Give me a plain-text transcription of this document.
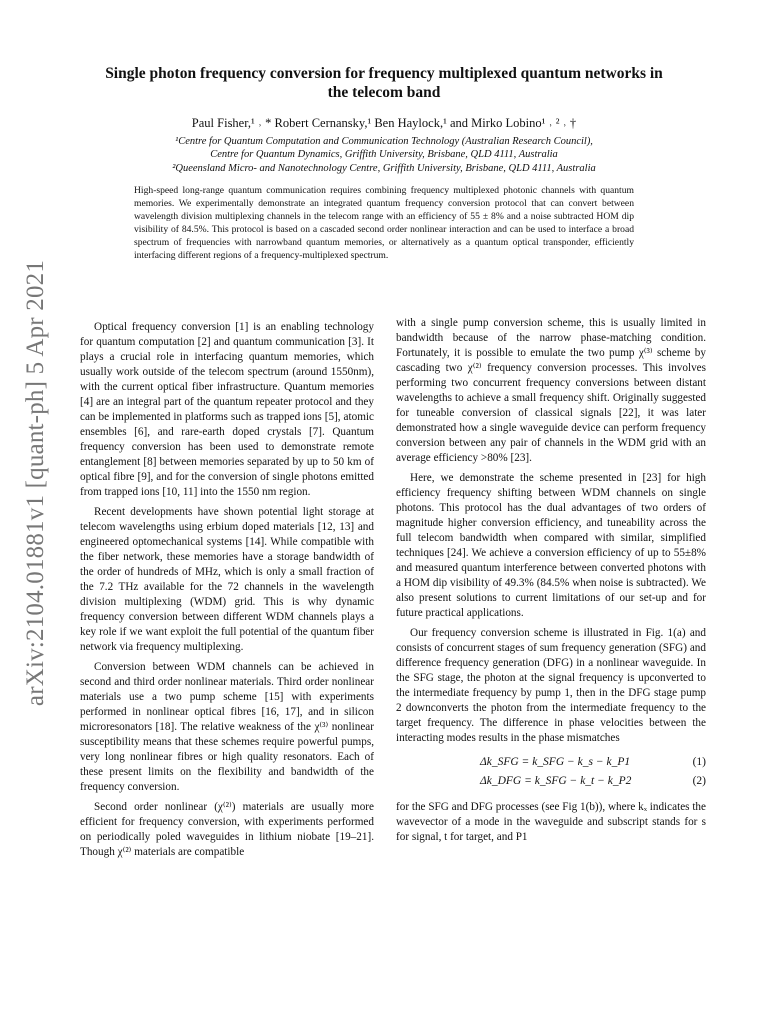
arXiv:2104.01881v1 [quant-ph] 5 Apr 2021
Single photon frequency conversion for frequency multiplexed quantum networks in the telecom band
Paul Fisher,¹ ˒ * Robert Cernansky,¹ Ben Haylock,¹ and Mirko Lobino¹ ˒ ² ˒ †
¹Centre for Quantum Computation and Communication Technology (Australian Research Council),
Centre for Quantum Dynamics, Griffith University, Brisbane, QLD 4111, Australia
²Queensland Micro- and Nanotechnology Centre, Griffith University, Brisbane, QLD 4111, Australia
High-speed long-range quantum communication requires combining frequency multiplexed photonic channels with quantum memories. We experimentally demonstrate an integrated quantum frequency conversion protocol that can convert between wavelength division multiplexing channels in the telecom range with an efficiency of 55 ± 8% and a noise subtracted HOM dip visibility of 84.5%. This protocol is based on a cascaded second order nonlinear interaction and can be used to interface a broad spectrum of frequencies with narrowband quantum memories, or alternatively as a quantum optical transponder, efficiently interfacing different regions of a frequency-multiplexed spectrum.

Optical frequency conversion [1] is an enabling technology for quantum computation [2] and quantum communication [3]. It plays a crucial role in interfacing quantum memories, which usually work outside of the telecom spectrum (around 1550nm), with the current optical fiber infrastructure. Quantum memories [4] are an integral part of the quantum repeater protocol and they can be implemented in platforms such as trapped ions [5], atomic ensembles [6], and rare-earth doped crystals [7]. Quantum frequency conversion has been used to demonstrate remote entanglement [8] between memories separated by up to 50 km of optical fibre [9], and for the conversion of single photons emitted from trapped ions [10, 11] into the 1550 nm region.

Recent developments have shown potential light storage at telecom wavelengths using erbium doped materials [12, 13] and engineered optomechanical systems [14]. While compatible with the fiber network, these memories have a storage bandwidth of the order of hundreds of MHz, which is only a small fraction of the 7.2 THz available for the 72 channels in the wavelength division multiplexing (WDM) grid. This is why dynamic frequency conversion between different WDM channels plays a key role if we want exploit the full potential of the quantum fiber network via frequency multiplexing.

Conversion between WDM channels can be achieved in second and third order nonlinear materials. Third order nonlinear materials use a two pump scheme [15] with experiments performed in nonlinear optical fibres [16, 17], and in silicon microresonators [18]. The relative weakness of the χ⁽³⁾ nonlinear susceptibility means that these schemes require powerful pumps, very long nonlinear fibres or high quality resonators. Each of these present limits on the flexibility and bandwidth of the frequency conversion.

Second order nonlinear (χ⁽²⁾) materials are usually more efficient for frequency conversion, with experiments performed on periodically poled waveguides in lithium niobate [19–21]. Though χ⁽²⁾ materials are compatible

with a single pump conversion scheme, this is usually limited in bandwidth because of the narrow phase-matching condition. Fortunately, it is possible to emulate the two pump χ⁽³⁾ scheme by cascading two χ⁽²⁾ frequency conversion processes. This involves performing two concurrent frequency conversions between distant wavelengths to achieve a small frequency shift. Originally suggested for tuneable conversion of classical signals [22], it was later demonstrated how a single waveguide device can perform frequency conversion between any pair of channels in the WDM grid with an average efficiency >80% [23].

Here, we demonstrate the scheme presented in [23] for high efficiency frequency shifting between WDM channels on single photons. This protocol has the dual advantages of two orders of magnitude higher conversion efficiency, and tuneability across the full telecom bandwidth when compared with similar, simplified techniques [24]. We achieve a conversion efficiency of up to 55±8% and measured quantum interference between converted photons with a HOM dip visibility of 49.3% (84.5% when noise is subtracted). We also present solutions to current limitations of our set-up and for future practical applications.

Our frequency conversion scheme is illustrated in Fig. 1(a) and consists of concurrent stages of sum frequency generation (SFG) and difference frequency generation (DFG) in a nonlinear waveguide. In the SFG stage, the photon at the signal frequency is upconverted to the intermediate frequency by pump 1, then in the DFG stage pump 2 downconverts the photon from the intermediate frequency to the target frequency. The difference in phase velocities between the interacting modes results in the phase mismatches

Δk_SFG = k_SFG − k_s − k_P1	(1)
Δk_DFG = k_SFG − k_t − k_P2	(2)

for the SFG and DFG processes (see Fig 1(b)), where kₓ indicates the wavevector of a mode in the waveguide and subscript stands for s for signal, t for target, and P1
